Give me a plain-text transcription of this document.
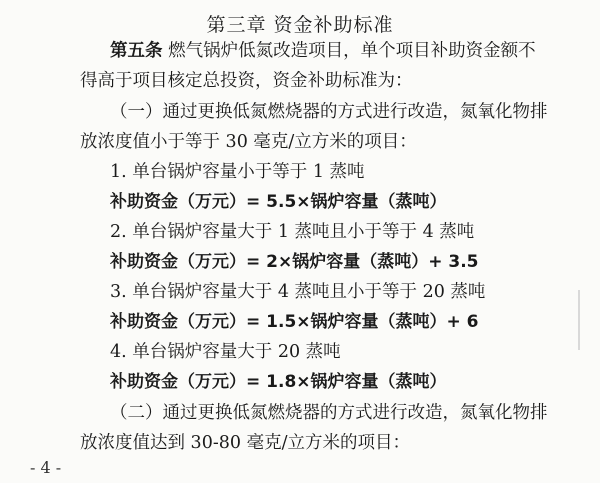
第三章 资金补助标准
第五条 燃气锅炉低氮改造项目，单个项目补助资金额不
得高于项目核定总投资，资金补助标准为：
（一）通过更换低氮燃烧器的方式进行改造，氮氧化物排
放浓度值小于等于 30 毫克/立方米的项目：
1. 单台锅炉容量小于等于 1 蒸吨
补助资金（万元）= 5.5×锅炉容量（蒸吨）
2. 单台锅炉容量大于 1 蒸吨且小于等于 4 蒸吨
补助资金（万元）= 2×锅炉容量（蒸吨）+ 3.5
3. 单台锅炉容量大于 4 蒸吨且小于等于 20 蒸吨
补助资金（万元）= 1.5×锅炉容量（蒸吨）+ 6
4. 单台锅炉容量大于 20 蒸吨
补助资金（万元）= 1.8×锅炉容量（蒸吨）
（二）通过更换低氮燃烧器的方式进行改造，氮氧化物排
放浓度值达到 30-80 毫克/立方米的项目：
- 4 -
